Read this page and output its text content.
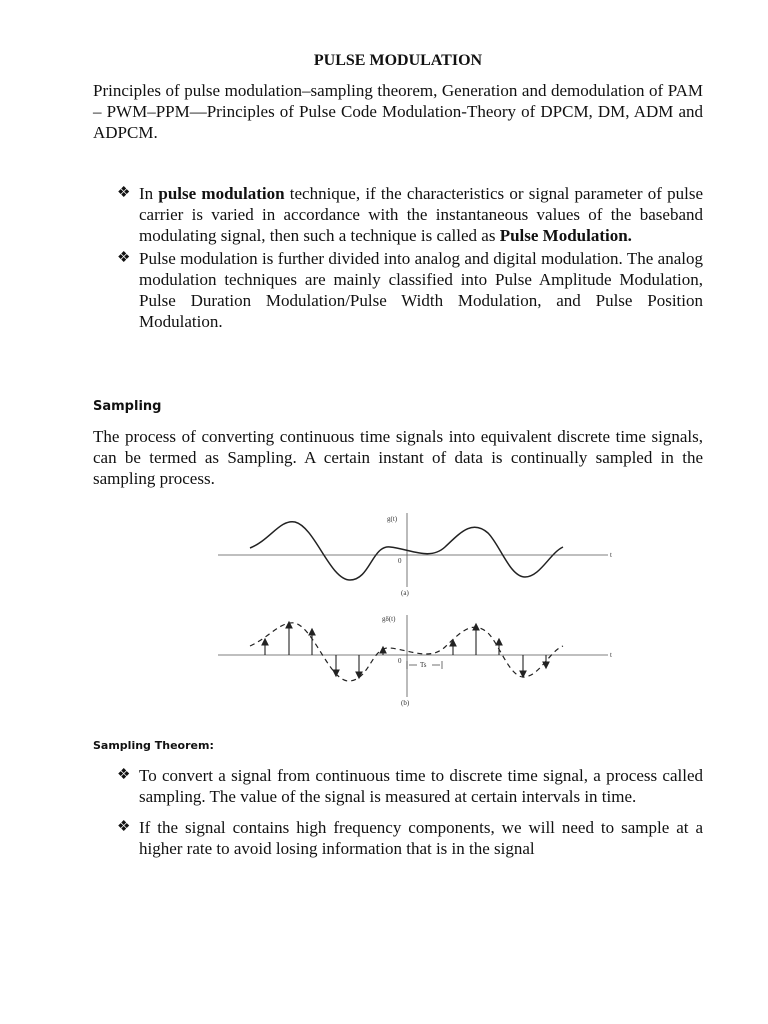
PULSE MODULATION

Principles of pulse modulation–sampling theorem, Generation and demodulation of PAM – PWM–PPM—Principles of Pulse Code Modulation-Theory of DPCM, DM, ADM and ADPCM.

❖ In pulse modulation technique, if the characteristics or signal parameter of pulse carrier is varied in accordance with the instantaneous values of the baseband modulating signal, then such a technique is called as Pulse Modulation.
❖ Pulse modulation is further divided into analog and digital modulation. The analog modulation techniques are mainly classified into Pulse Amplitude Modulation, Pulse Duration Modulation/Pulse Width Modulation, and Pulse Position Modulation.
Sampling

The process of converting continuous time signals into equivalent discrete time signals, can be termed as Sampling. A certain instant of data is continually sampled in the sampling process.

g(t)
0
t
(a)
Ts
gδ(t)
0
t
(b)
Sampling Theorem:
❖ To convert a signal from continuous time to discrete time signal, a process called sampling. The value of the signal is measured at certain intervals in time.
❖ If the signal contains high frequency components, we will need to sample at a higher rate to avoid losing information that is in the signal
